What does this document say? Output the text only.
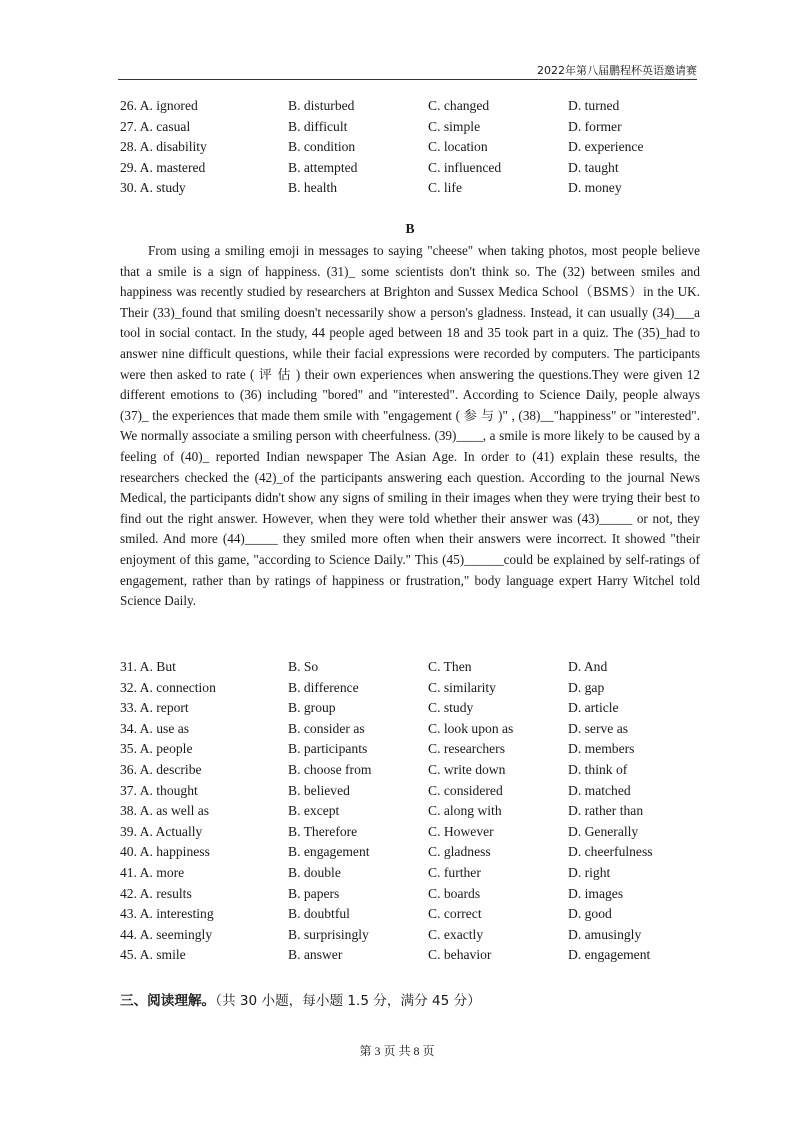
2022年第八届鹏程杯英语邀请赛
26. A. ignored	B. disturbed	C. changed	D. turned
27. A. casual	B. difficult	C. simple	D. former
28. A. disability	B. condition	C. location	D. experience
29. A. mastered	B. attempted	C. influenced	D. taught
30. A. study	B. health	C. life	D. money
B

From using a smiling emoji in messages to saying "cheese" when taking photos, most people believe that a smile is a sign of happiness. (31)_ some scientists don't think so. The (32) between smiles and happiness was recently studied by researchers at Brighton and Sussex Medica School（BSMS）in the UK. Their (33)_found that smiling doesn't necessarily show a person's gladness. Instead, it can usually (34)___a tool in social contact. In the study, 44 people aged between 18 and 35 took part in a quiz. The (35)_had to answer nine difficult questions, while their facial expressions were recorded by computers. The participants were then asked to rate ( 评 估 ) their own experiences when answering the questions.They were given 12 different emotions to (36) including "bored" and "interested". According to Science Daily, people always (37)_ the experiences that made them smile with "engagement ( 参 与 )" , (38)__"happiness" or "interested". We normally associate a smiling person with cheerfulness. (39)____, a smile is more likely to be caused by a feeling of (40)_ reported Indian newspaper The Asian Age. In order to (41) explain these results, the researchers checked the (42)_of the participants answering each question. According to the journal News Medical, the participants didn't show any signs of smiling in their images when they were trying their best to find out the right answer. However, when they were told whether their answer was (43)_____ or not, they smiled. And more (44)_____ they smiled more often when their answers were incorrect. It showed "their enjoyment of this game, "according to Science Daily." This (45)______could be explained by self-ratings of engagement, rather than by ratings of happiness or frustration," body language expert Harry Witchel told Science Daily.

31. A. But	B. So	C. Then	D. And
32. A. connection	B. difference	C. similarity	D. gap
33. A. report	B. group	C. study	D. article
34. A. use as	B. consider as	C. look upon as	D. serve as
35. A. people	B. participants	C. researchers	D. members
36. A. describe	B. choose from	C. write down	D. think of
37. A. thought	B. believed	C. considered	D. matched
38. A. as well as	B. except	C. along with	D. rather than
39. A. Actually	B. Therefore	C. However	D. Generally
40. A. happiness	B. engagement	C. gladness	D. cheerfulness
41. A. more	B. double	C. further	D. right
42. A. results	B. papers	C. boards	D. images
43. A. interesting	B. doubtful	C. correct	D. good
44. A. seemingly	B. surprisingly	C. exactly	D. amusingly
45. A. smile	B. answer	C. behavior	D. engagement
三、阅读理解。（共 30 小题，每小题 1.5 分，满分 45 分）
第 3 页 共 8 页
